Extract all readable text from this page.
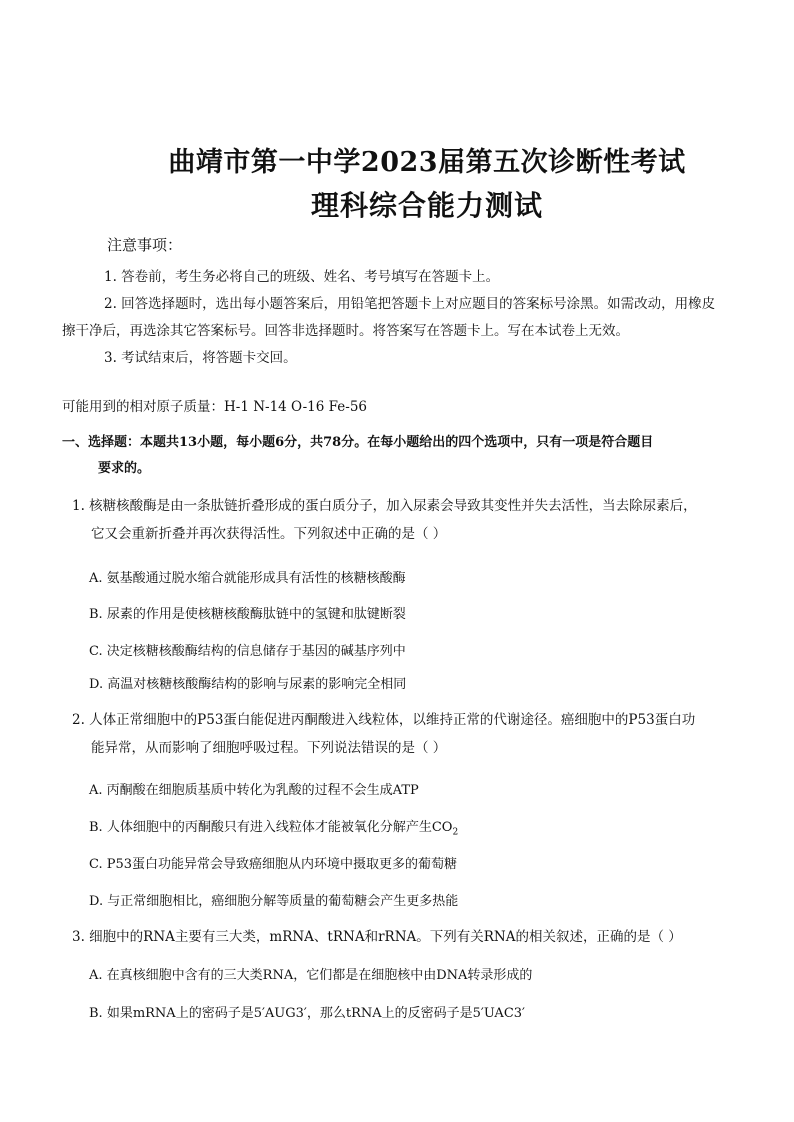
曲靖市第一中学2023届第五次诊断性考试
理科综合能力测试
注意事项：
1. 答卷前，考生务必将自己的班级、姓名、考号填写在答题卡上。
2. 回答选择题时，选出每小题答案后，用铅笔把答题卡上对应题目的答案标号涂黑。如需改动，用橡皮擦干净后，再选涂其它答案标号。回答非选择题时。将答案写在答题卡上。写在本试卷上无效。
3. 考试结束后，将答题卡交回。
可能用到的相对原子质量：H-1 N-14 O-16 Fe-56
一、选择题：本题共13小题，每小题6分，共78分。在每小题给出的四个选项中，只有一项是符合题目
要求的。
1. 核糖核酸酶是由一条肽链折叠形成的蛋白质分子，加入尿素会导致其变性并失去活性，当去除尿素后，
它又会重新折叠并再次获得活性。下列叙述中正确的是（ ）
A. 氨基酸通过脱水缩合就能形成具有活性的核糖核酸酶
B. 尿素的作用是使核糖核酸酶肽链中的氢键和肽键断裂
C. 决定核糖核酸酶结构的信息储存于基因的碱基序列中
D. 高温对核糖核酸酶结构的影响与尿素的影响完全相同
2. 人体正常细胞中的P53蛋白能促进丙酮酸进入线粒体，以维持正常的代谢途径。癌细胞中的P53蛋白功
能异常，从而影响了细胞呼吸过程。下列说法错误的是（ ）
A. 丙酮酸在细胞质基质中转化为乳酸的过程不会生成ATP
B. 人体细胞中的丙酮酸只有进入线粒体才能被氧化分解产生$CO_2$
C. P53蛋白功能异常会导致癌细胞从内环境中摄取更多的葡萄糖
D. 与正常细胞相比，癌细胞分解等质量的葡萄糖会产生更多热能
3. 细胞中的RNA主要有三大类，mRNA、tRNA和rRNA。下列有关RNA的相关叙述，正确的是（ ）
A. 在真核细胞中含有的三大类RNA，它们都是在细胞核中由DNA转录形成的
B. 如果mRNA上的密码子是5′AUG3′，那么tRNA上的反密码子是5′UAC3′
